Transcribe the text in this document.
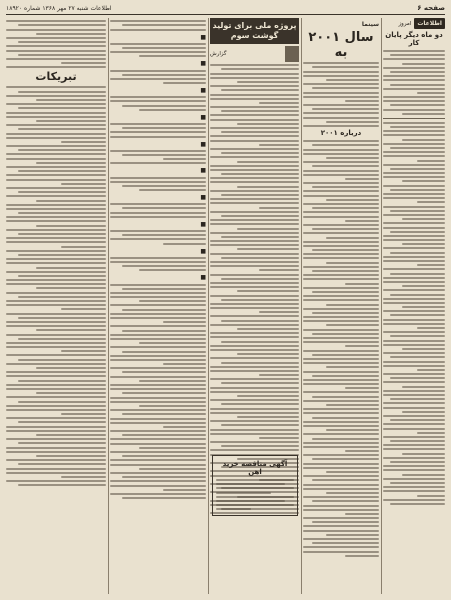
صفحه ۶
اطلاعات شنبه ۲۷ مهر ۱۳۶۸ شماره ۱۸۹۲۰
اطلاعات
امروز
دو ماه دیگر پایان کار
سینما
سال ۲۰۰۱ به
درباره ۲۰۰۱
پروژه ملی برای تولید گوشت سوم
گزارش
■
■
■
■
■
■
■
■
■
■
تبریکات
آگهی مناقصه خرید اهن
